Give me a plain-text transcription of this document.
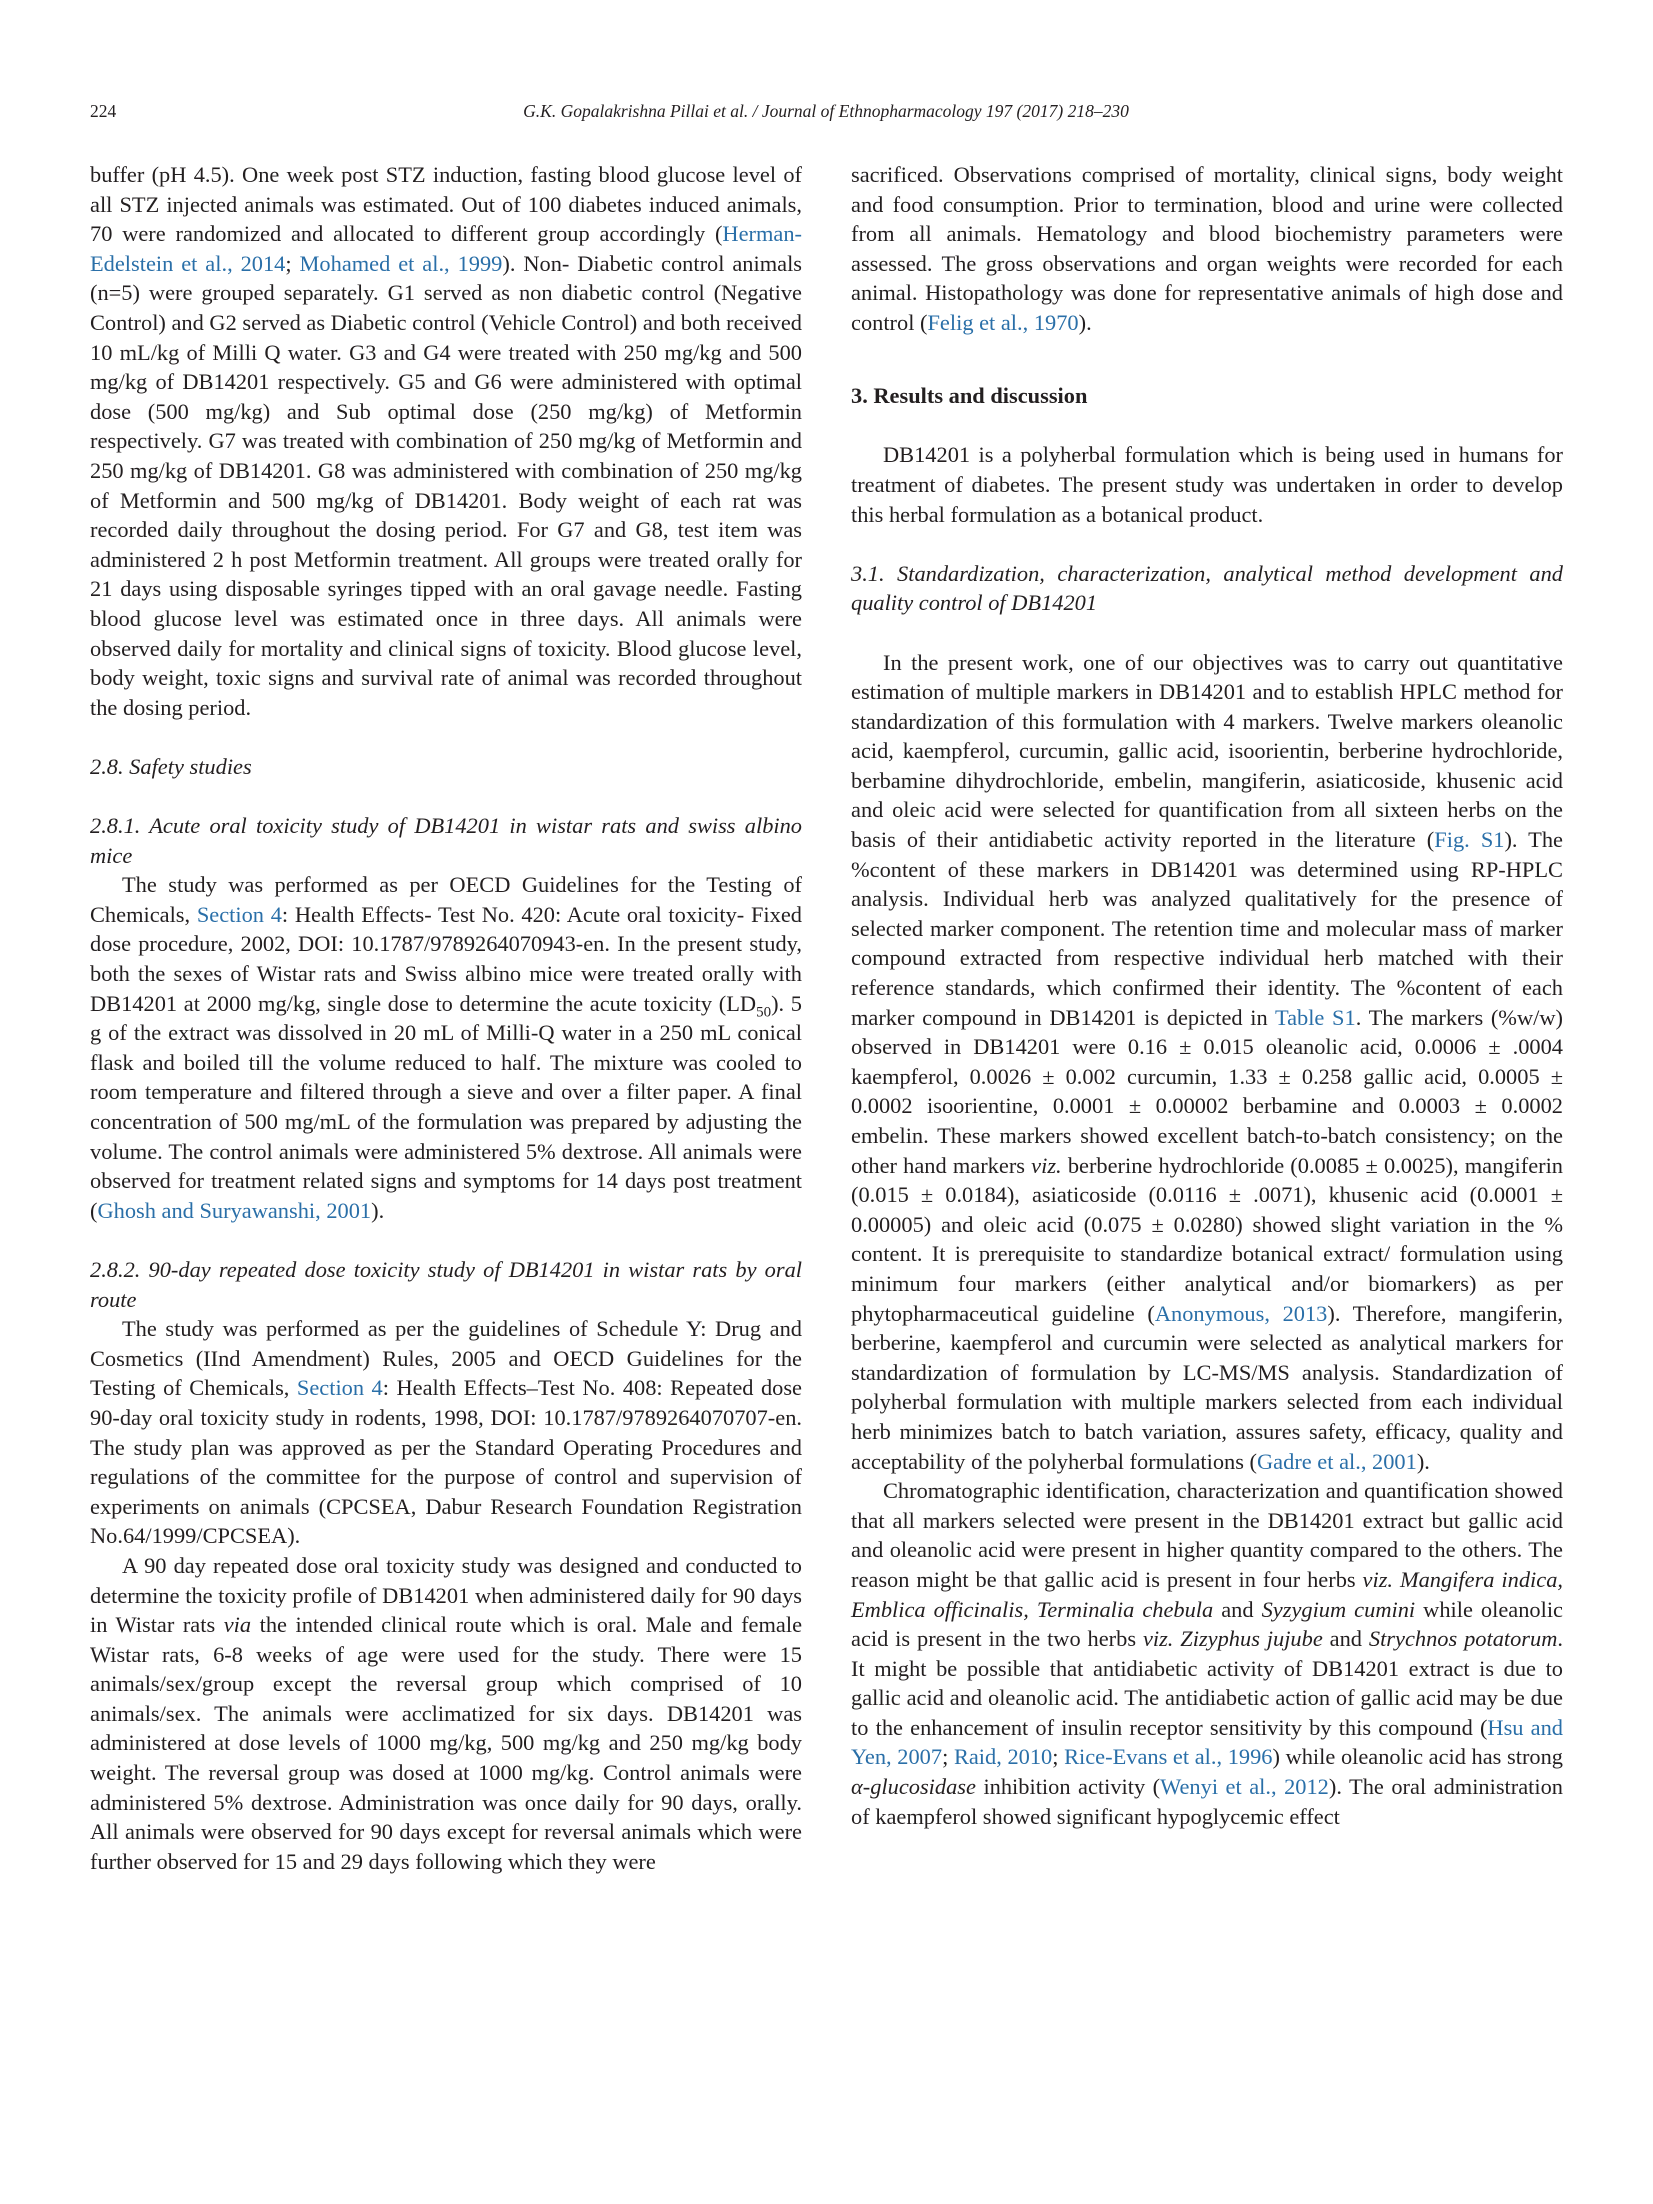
224	G.K. Gopalakrishna Pillai et al. / Journal of Ethnopharmacology 197 (2017) 218–230

buffer (pH 4.5). One week post STZ induction, fasting blood glucose level of all STZ injected animals was estimated. Out of 100 diabetes induced animals, 70 were randomized and allocated to different group accordingly (Herman-Edelstein et al., 2014; Mohamed et al., 1999). Non- Diabetic control animals (n=5) were grouped separately. G1 served as non diabetic control (Negative Control) and G2 served as Diabetic control (Vehicle Control) and both received 10 mL/kg of Milli Q water. G3 and G4 were treated with 250 mg/kg and 500 mg/kg of DB14201 respectively. G5 and G6 were administered with optimal dose (500 mg/kg) and Sub optimal dose (250 mg/kg) of Metformin respectively. G7 was treated with combination of 250 mg/kg of Metformin and 250 mg/kg of DB14201. G8 was administered with combination of 250 mg/kg of Metformin and 500 mg/kg of DB14201. Body weight of each rat was recorded daily throughout the dosing period. For G7 and G8, test item was administered 2 h post Metformin treatment. All groups were treated orally for 21 days using disposable syringes tipped with an oral gavage needle. Fasting blood glucose level was estimated once in three days. All animals were observed daily for mortality and clinical signs of toxicity. Blood glucose level, body weight, toxic signs and survival rate of animal was recorded throughout the dosing period.

2.8. Safety studies

2.8.1. Acute oral toxicity study of DB14201 in wistar rats and swiss albino mice

The study was performed as per OECD Guidelines for the Testing of Chemicals, Section 4: Health Effects- Test No. 420: Acute oral toxicity- Fixed dose procedure, 2002, DOI: 10.1787/9789264070943-en. In the present study, both the sexes of Wistar rats and Swiss albino mice were treated orally with DB14201 at 2000 mg/kg, single dose to determine the acute toxicity $(LD_{50})$. 5 g of the extract was dissolved in 20 mL of Milli-Q water in a 250 mL conical flask and boiled till the volume reduced to half. The mixture was cooled to room temperature and filtered through a sieve and over a filter paper. A final concentration of 500 mg/mL of the formulation was prepared by adjusting the volume. The control animals were administered 5% dextrose. All animals were observed for treatment related signs and symptoms for 14 days post treatment (Ghosh and Suryawanshi, 2001).

2.8.2. 90-day repeated dose toxicity study of DB14201 in wistar rats by oral route

The study was performed as per the guidelines of Schedule Y: Drug and Cosmetics (IInd Amendment) Rules, 2005 and OECD Guidelines for the Testing of Chemicals, Section 4: Health Effects–Test No. 408: Repeated dose 90-day oral toxicity study in rodents, 1998, DOI: 10.1787/9789264070707-en. The study plan was approved as per the Standard Operating Procedures and regulations of the committee for the purpose of control and supervision of experiments on animals (CPCSEA, Dabur Research Foundation Registration No.64/1999/CPCSEA).

A 90 day repeated dose oral toxicity study was designed and conducted to determine the toxicity profile of DB14201 when administered daily for 90 days in Wistar rats via the intended clinical route which is oral. Male and female Wistar rats, 6-8 weeks of age were used for the study. There were 15 animals/sex/group except the reversal group which comprised of 10 animals/sex. The animals were acclimatized for six days. DB14201 was administered at dose levels of 1000 mg/kg, 500 mg/kg and 250 mg/kg body weight. The reversal group was dosed at 1000 mg/kg. Control animals were administered 5% dextrose. Administration was once daily for 90 days, orally. All animals were observed for 90 days except for reversal animals which were further observed for 15 and 29 days following which they were

sacrificed. Observations comprised of mortality, clinical signs, body weight and food consumption. Prior to termination, blood and urine were collected from all animals. Hematology and blood biochemistry parameters were assessed. The gross observations and organ weights were recorded for each animal. Histopathology was done for representative animals of high dose and control (Felig et al., 1970).

3. Results and discussion

DB14201 is a polyherbal formulation which is being used in humans for treatment of diabetes. The present study was undertaken in order to develop this herbal formulation as a botanical product.

3.1. Standardization, characterization, analytical method development and quality control of DB14201

In the present work, one of our objectives was to carry out quantitative estimation of multiple markers in DB14201 and to establish HPLC method for standardization of this formulation with 4 markers. Twelve markers oleanolic acid, kaempferol, curcumin, gallic acid, isoorientin, berberine hydrochloride, berbamine dihydrochloride, embelin, mangiferin, asiaticoside, khusenic acid and oleic acid were selected for quantification from all sixteen herbs on the basis of their antidiabetic activity reported in the literature (Fig. S1). The %content of these markers in DB14201 was determined using RP-HPLC analysis. Individual herb was analyzed qualitatively for the presence of selected marker component. The retention time and molecular mass of marker compound extracted from respective individual herb matched with their reference standards, which confirmed their identity. The %content of each marker compound in DB14201 is depicted in Table S1. The markers (%w/w) observed in DB14201 were 0.16 ± 0.015 oleanolic acid, 0.0006 ± .0004 kaempferol, 0.0026 ± 0.002 curcumin, 1.33 ± 0.258 gallic acid, 0.0005 ± 0.0002 isoorientine, 0.0001 ± 0.00002 berbamine and 0.0003 ± 0.0002 embelin. These markers showed excellent batch-to-batch consistency; on the other hand markers viz. berberine hydrochloride (0.0085 ± 0.0025), mangiferin (0.015 ± 0.0184), asiaticoside (0.0116 ± .0071), khusenic acid (0.0001 ± 0.00005) and oleic acid (0.075 ± 0.0280) showed slight variation in the % content. It is prerequisite to standardize botanical extract/ formulation using minimum four markers (either analytical and/or biomarkers) as per phytopharmaceutical guideline (Anonymous, 2013). Therefore, mangiferin, berberine, kaempferol and curcumin were selected as analytical markers for standardization of formulation by LC-MS/MS analysis. Standardization of polyherbal formulation with multiple markers selected from each individual herb minimizes batch to batch variation, assures safety, efficacy, quality and acceptability of the polyherbal formulations (Gadre et al., 2001).

Chromatographic identification, characterization and quantification showed that all markers selected were present in the DB14201 extract but gallic acid and oleanolic acid were present in higher quantity compared to the others. The reason might be that gallic acid is present in four herbs viz. Mangifera indica, Emblica officinalis, Terminalia chebula and Syzygium cumini while oleanolic acid is present in the two herbs viz. Zizyphus jujube and Strychnos potatorum. It might be possible that antidiabetic activity of DB14201 extract is due to gallic acid and oleanolic acid. The antidiabetic action of gallic acid may be due to the enhancement of insulin receptor sensitivity by this compound (Hsu and Yen, 2007; Raid, 2010; Rice-Evans et al., 1996) while oleanolic acid has strong α-glucosidase inhibition activity (Wenyi et al., 2012). The oral administration of kaempferol showed significant hypoglycemic effect
